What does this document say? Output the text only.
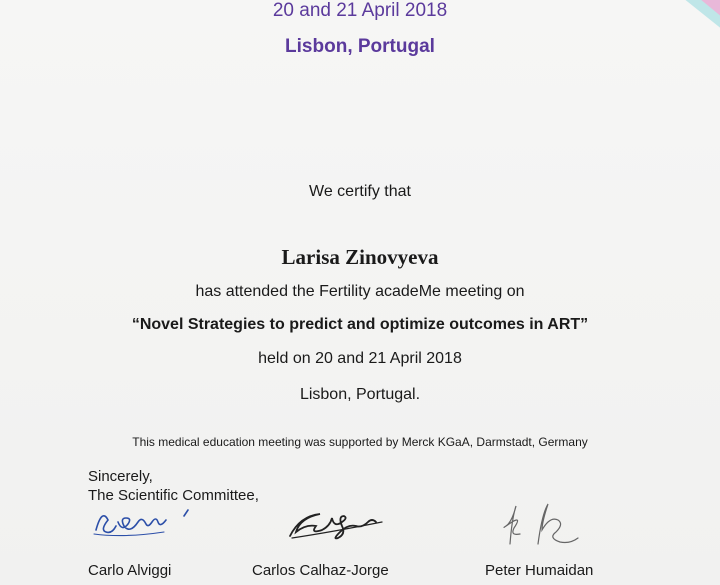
20 and 21 April 2018
Lisbon, Portugal
We certify that
Larisa Zinovyeva
has attended the Fertility acadeMe meeting on
“Novel Strategies to predict and optimize outcomes in ART”
held on 20 and 21 April 2018
Lisbon, Portugal.
This medical education meeting was supported by Merck KGaA, Darmstadt, Germany
Sincerely,
The Scientific Committee,
Carlo Alviggi	Carlos Calhaz-Jorge	Peter Humaidan
